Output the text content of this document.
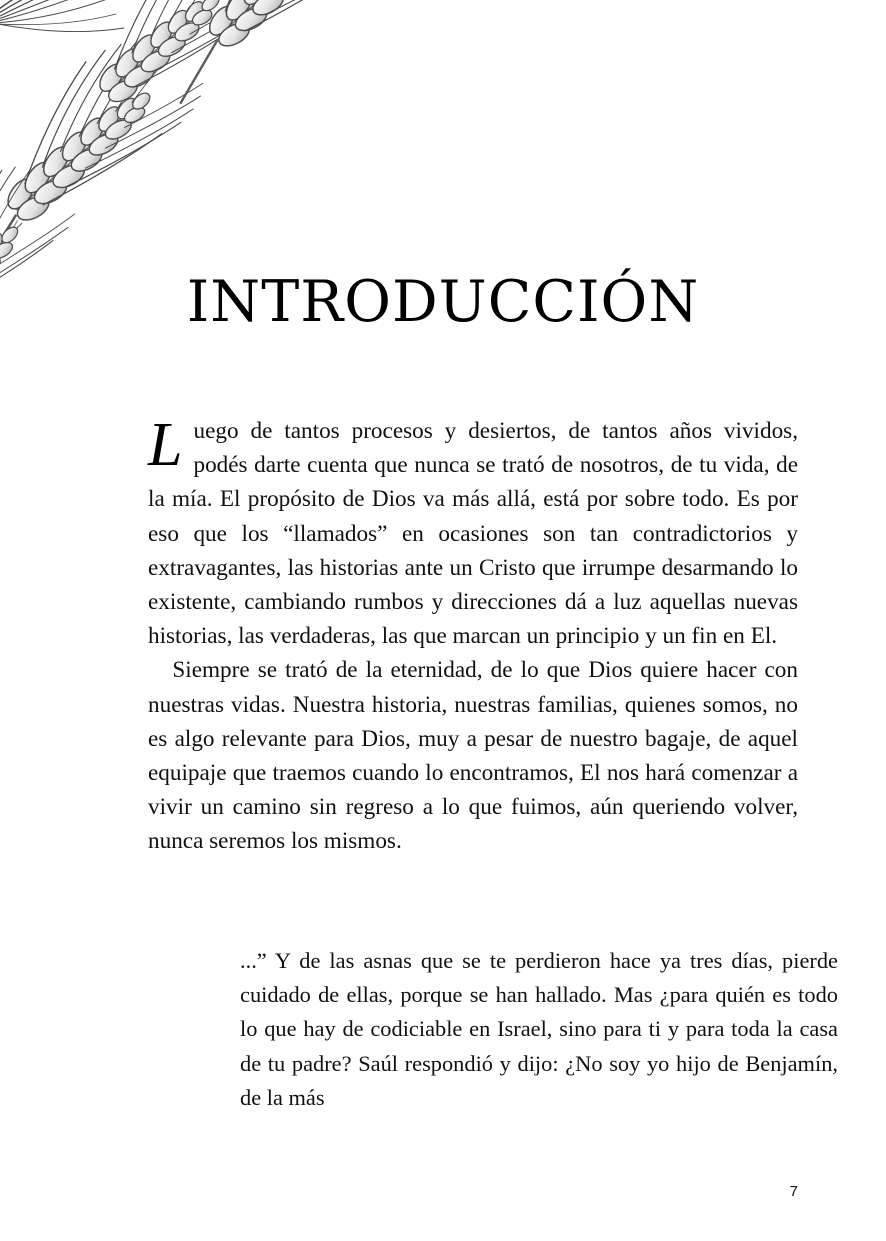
INTRODUCCIÓN

Luego de tantos procesos y desiertos, de tantos años vividos, podés darte cuenta que nunca se trató de nosotros, de tu vida, de la mía. El propósito de Dios va más allá, está por sobre todo. Es por eso que los “llamados” en ocasiones son tan contradictorios y extravagantes, las historias ante un Cristo que irrumpe desarmando lo existente, cambiando rumbos y direcciones dá a luz aquellas nuevas historias, las verdaderas, las que marcan un principio y un fin en El.

Siempre se trató de la eternidad, de lo que Dios quiere hacer con nuestras vidas. Nuestra historia, nuestras familias, quienes somos, no es algo relevante para Dios, muy a pesar de nuestro bagaje, de aquel equipaje que traemos cuando lo encontramos, El nos hará comenzar a vivir un camino sin regreso a lo que fuimos, aún queriendo volver, nunca seremos los mismos.

...” Y de las asnas que se te perdieron hace ya tres días, pierde cuidado de ellas, porque se han hallado. Mas ¿para quién es todo lo que hay de codiciable en Israel, sino para ti y para toda la casa de tu padre? Saúl respondió y dijo: ¿No soy yo hijo de Benjamín, de la más

7
